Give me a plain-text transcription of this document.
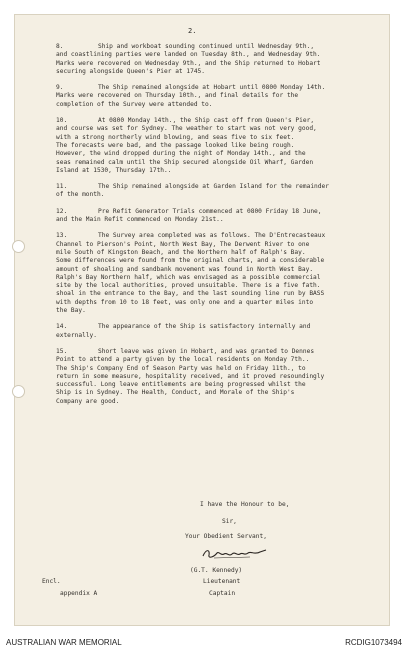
2.
8.	Ship and workboat sounding continued until Wednesday 9th.,
and coastlining parties were landed on Tuesday 8th., and Wednesday 9th.
Marks were recovered on Wednesday 9th., and the Ship returned to Hobart
securing alongside Queen's Pier at 1745.
9.	The Ship remained alongside at Hobart until 0800 Monday 14th.
Marks were recovered on Thursday 10th., and final details for the
completion of the Survey were attended to.
10.	At 0800 Monday 14th., the Ship cast off from Queen's Pier,
and course was set for Sydney. The weather to start was not very good,
with a strong northerly wind blowing, and seas five to six feet.
The forecasts were bad, and the passage looked like being rough.
However, the wind dropped during the night of Monday 14th., and the
seas remained calm until the Ship secured alongside Oil Wharf, Garden
Island at 1530, Thursday 17th..
11.	The Ship remained alongside at Garden Island for the remainder
of the month.
12.	Pre Refit Generator Trials commenced at 0800 Friday 18 June,
and the Main Refit commenced on Monday 21st..
13.	The Survey area completed was as follows. The D'Entrecasteaux
Channel to Pierson's Point, North West Bay, The Derwent River to one
mile South of Kingston Beach, and the Northern half of Ralph's Bay.
Some differences were found from the original charts, and a considerable
amount of shoaling and sandbank movement was found in North West Bay.
Ralph's Bay Northern half, which was envisaged as a possible commercial
site by the local authorities, proved unsuitable. There is a five fath.
shoal in the entrance to the Bay, and the last sounding line run by BASS
with depths from 10 to 18 feet, was only one and a quarter miles into
the Bay.
14.	The appearance of the Ship is satisfactory internally and
externally.
15.	Short leave was given in Hobart, and was granted to Dennes
Point to attend a party given by the local residents on Monday 7th..
The Ship's Company End of Season Party was held on Friday 11th., to
return in some measure, hospitality received, and it proved resoundingly
successful. Long leave entitlements are being progressed whilst the
Ship is in Sydney. The Health, Conduct, and Morale of the Ship's
Company are good.
I have the Honour to be,
Sir,
Your Obedient Servant,
(G.T. Kennedy)
Encl.	Lieutenant
appendix A	Captain
AUSTRALIAN WAR MEMORIAL	RCDIG1073494
